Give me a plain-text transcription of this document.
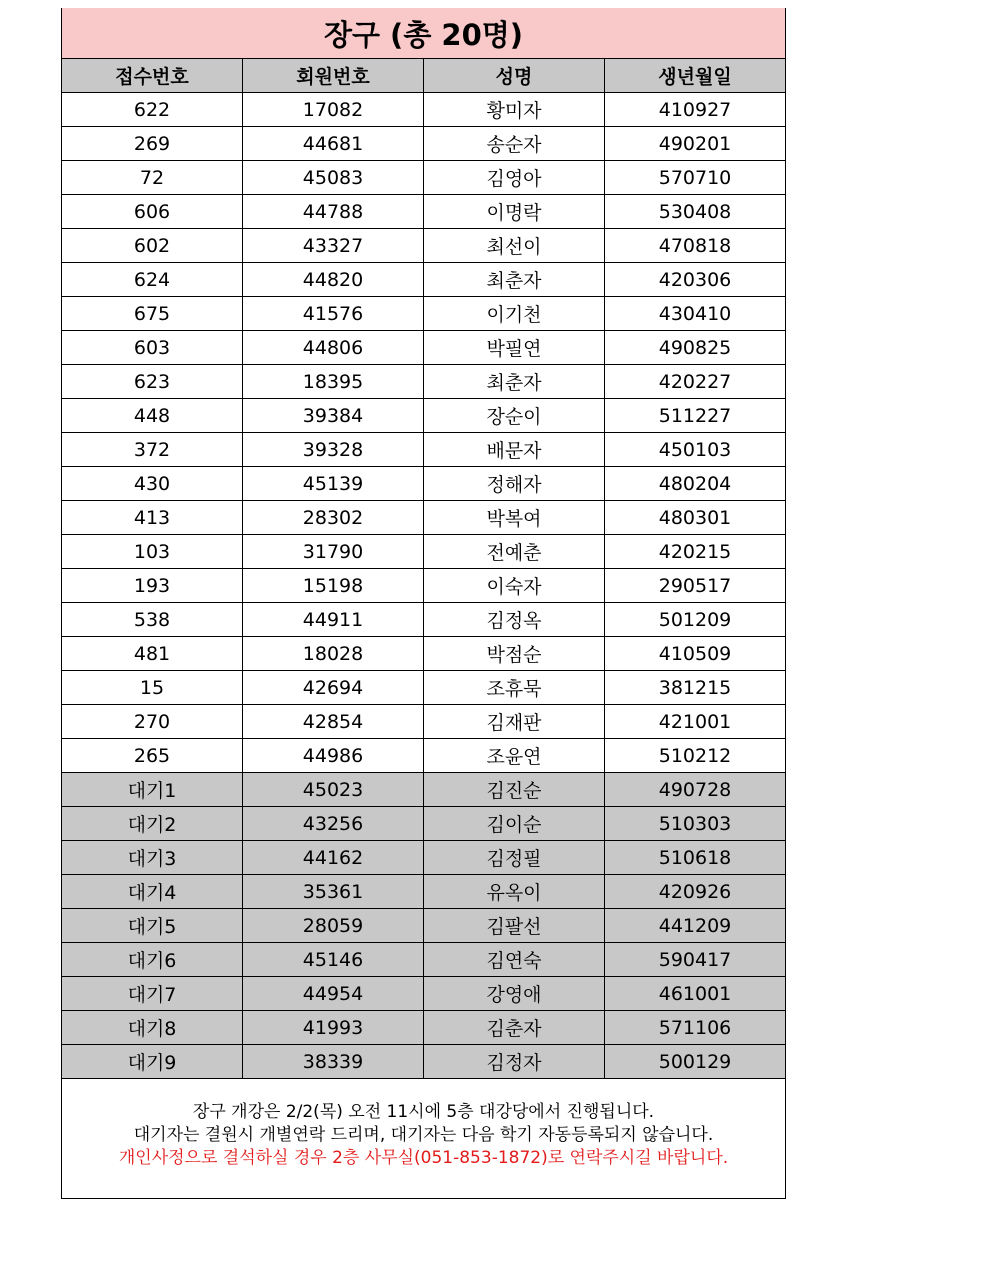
장구 (총 20명)
접수번호	회원번호	성명	생년월일
622	17082	황미자	410927
269	44681	송순자	490201
72	45083	김영아	570710
606	44788	이명락	530408
602	43327	최선이	470818
624	44820	최춘자	420306
675	41576	이기천	430410
603	44806	박필연	490825
623	18395	최춘자	420227
448	39384	장순이	511227
372	39328	배문자	450103
430	45139	정해자	480204
413	28302	박복여	480301
103	31790	전예춘	420215
193	15198	이숙자	290517
538	44911	김정옥	501209
481	18028	박점순	410509
15	42694	조휴묵	381215
270	42854	김재판	421001
265	44986	조윤연	510212
대기1	45023	김진순	490728
대기2	43256	김이순	510303
대기3	44162	김정필	510618
대기4	35361	유옥이	420926
대기5	28059	김팔선	441209
대기6	45146	김연숙	590417
대기7	44954	강영애	461001
대기8	41993	김춘자	571106
대기9	38339	김정자	500129
장구 개강은 2/2(목) 오전 11시에 5층 대강당에서 진행됩니다.
대기자는 결원시 개별연락 드리며, 대기자는 다음 학기 자동등록되지 않습니다.
개인사정으로 결석하실 경우 2층 사무실(051-853-1872)로 연락주시길 바랍니다.
